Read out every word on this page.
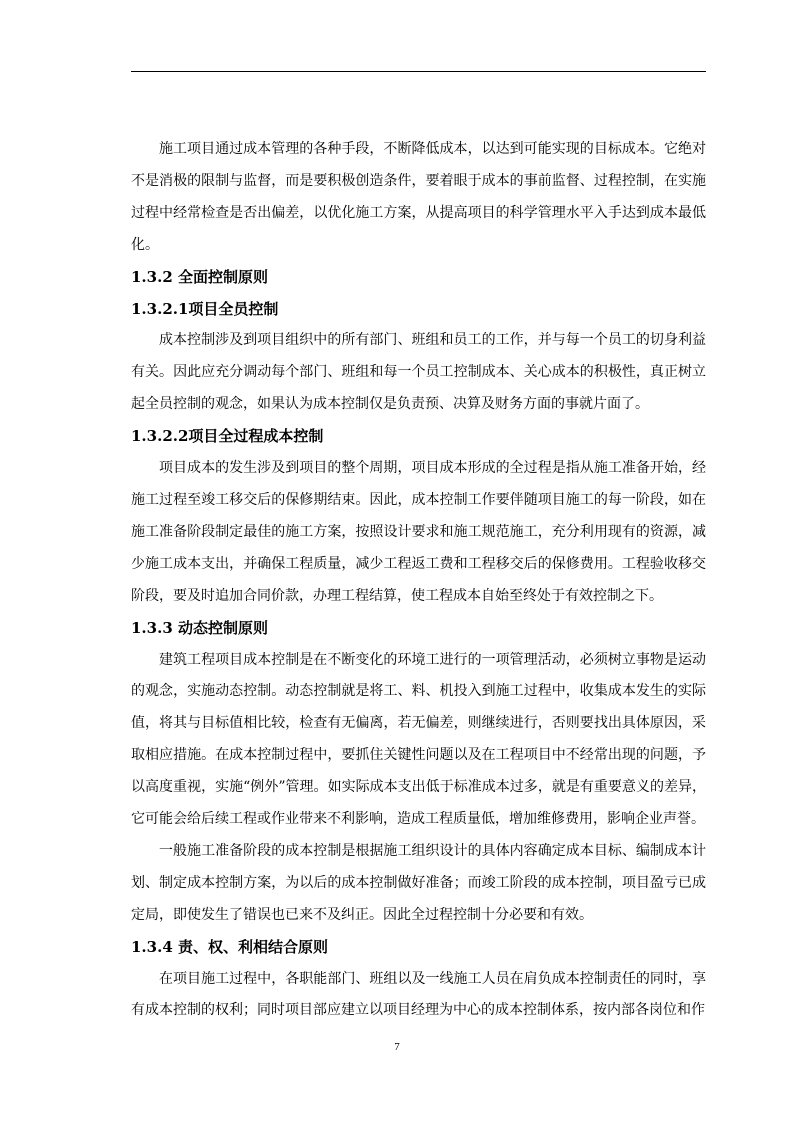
施工项目通过成本管理的各种手段，不断降低成本，以达到可能实现的目标成本。它绝对不是消极的限制与监督，而是要积极创造条件，要着眼于成本的事前监督、过程控制，在实施过程中经常检查是否出偏差，以优化施工方案，从提高项目的科学管理水平入手达到成本最低化。

1.3.2 全面控制原则
1.3.2.1项目全员控制

成本控制涉及到项目组织中的所有部门、班组和员工的工作，并与每一个员工的切身利益有关。因此应充分调动每个部门、班组和每一个员工控制成本、关心成本的积极性，真正树立起全员控制的观念，如果认为成本控制仅是负责预、决算及财务方面的事就片面了。

1.3.2.2项目全过程成本控制

项目成本的发生涉及到项目的整个周期，项目成本形成的全过程是指从施工准备开始，经施工过程至竣工移交后的保修期结束。因此，成本控制工作要伴随项目施工的每一阶段，如在施工准备阶段制定最佳的施工方案，按照设计要求和施工规范施工，充分利用现有的资源，减少施工成本支出，并确保工程质量，减少工程返工费和工程移交后的保修费用。工程验收移交阶段，要及时追加合同价款，办理工程结算，使工程成本自始至终处于有效控制之下。

1.3.3 动态控制原则

建筑工程项目成本控制是在不断变化的环境工进行的一项管理活动，必须树立事物是运动的观念，实施动态控制。动态控制就是将工、料、机投入到施工过程中，收集成本发生的实际值，将其与目标值相比较，检查有无偏离，若无偏差，则继续进行，否则要找出具体原因，采取相应措施。在成本控制过程中，要抓住关键性问题以及在工程项目中不经常出现的问题，予以高度重视，实施“例外”管理。如实际成本支出低于标准成本过多，就是有重要意义的差异，它可能会给后续工程或作业带来不利影响，造成工程质量低，增加维修费用，影响企业声誉。

一般施工准备阶段的成本控制是根据施工组织设计的具体内容确定成本目标、编制成本计划、制定成本控制方案，为以后的成本控制做好准备；而竣工阶段的成本控制，项目盈亏已成定局，即使发生了错误也已来不及纠正。因此全过程控制十分必要和有效。

1.3.4 责、权、利相结合原则

在项目施工过程中，各职能部门、班组以及一线施工人员在肩负成本控制责任的同时，享有成本控制的权利；同时项目部应建立以项目经理为中心的成本控制体系，按内部各岗位和作

7
